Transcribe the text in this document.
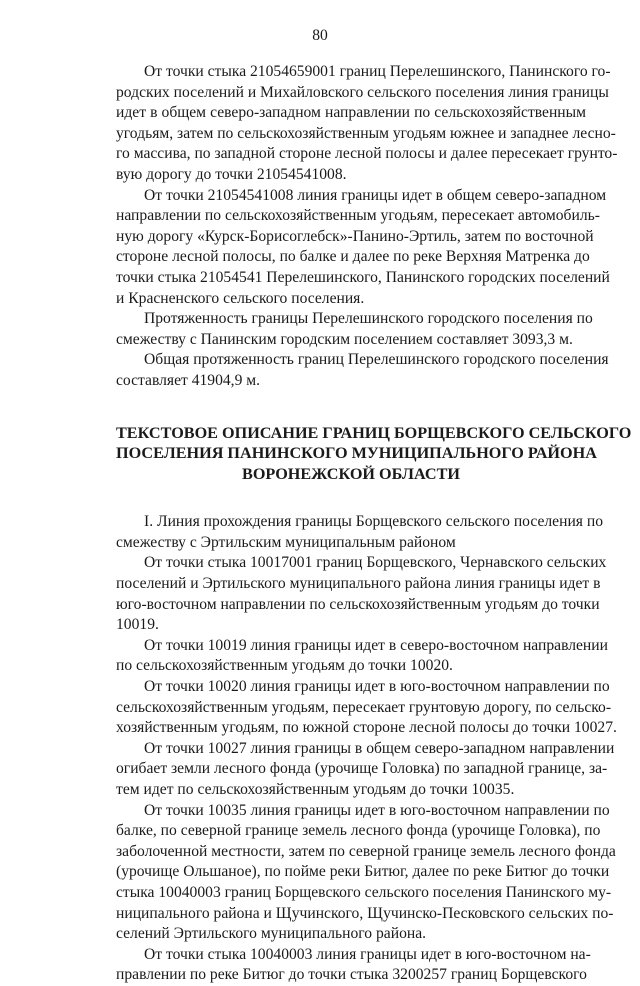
80
От точки стыка 21054659001 границ Перелешинского, Панинского го-
родских поселений и Михайловского сельского поселения линия границы
идет в общем северо-западном направлении по сельскохозяйственным
угодьям, затем по сельскохозяйственным угодьям южнее и западнее лесно-
го массива, по западной стороне лесной полосы и далее пересекает грунто-
вую дорогу до точки 21054541008.
От точки 21054541008 линия границы идет в общем северо-западном
направлении по сельскохозяйственным угодьям, пересекает автомобиль-
ную дорогу «Курск-Борисоглебск»-Панино-Эртиль, затем по восточной
стороне лесной полосы, по балке и далее по реке Верхняя Матренка до
точки стыка 21054541 Перелешинского, Панинского городских поселений
и Красненского сельского поселения.
Протяженность границы Перелешинского городского поселения по
смежеству с Панинским городским поселением составляет 3093,3 м.
Общая протяженность границ Перелешинского городского поселения
составляет 41904,9 м.
ТЕКСТОВОЕ ОПИСАНИЕ ГРАНИЦ БОРЩЕВСКОГО СЕЛЬСКОГО
ПОСЕЛЕНИЯ ПАНИНСКОГО МУНИЦИПАЛЬНОГО РАЙОНА
ВОРОНЕЖСКОЙ ОБЛАСТИ
I. Линия прохождения границы Борщевского сельского поселения по
смежеству с Эртильским муниципальным районом
От точки стыка 10017001 границ Борщевского, Чернавского сельских
поселений и Эртильского муниципального района линия границы идет в
юго-восточном направлении по сельскохозяйственным угодьям до точки
10019.
От точки 10019 линия границы идет в северо-восточном направлении
по сельскохозяйственным угодьям до точки 10020.
От точки 10020 линия границы идет в юго-восточном направлении по
сельскохозяйственным угодьям, пересекает грунтовую дорогу, по сельско-
хозяйственным угодьям, по южной стороне лесной полосы до точки 10027.
От точки 10027 линия границы в общем северо-западном направлении
огибает земли лесного фонда (урочище Головка) по западной границе, за-
тем идет по сельскохозяйственным угодьям до точки 10035.
От точки 10035 линия границы идет в юго-восточном направлении по
балке, по северной границе земель лесного фонда (урочище Головка), по
заболоченной местности, затем по северной границе земель лесного фонда
(урочище Ольшаное), по пойме реки Битюг, далее по реке Битюг до точки
стыка 10040003 границ Борщевского сельского поселения Панинского му-
ниципального района и Щучинского, Щучинско-Песковского сельских по-
селений Эртильского муниципального района.
От точки стыка 10040003 линия границы идет в юго-восточном на-
правлении по реке Битюг до точки стыка 3200257 границ Борщевского
